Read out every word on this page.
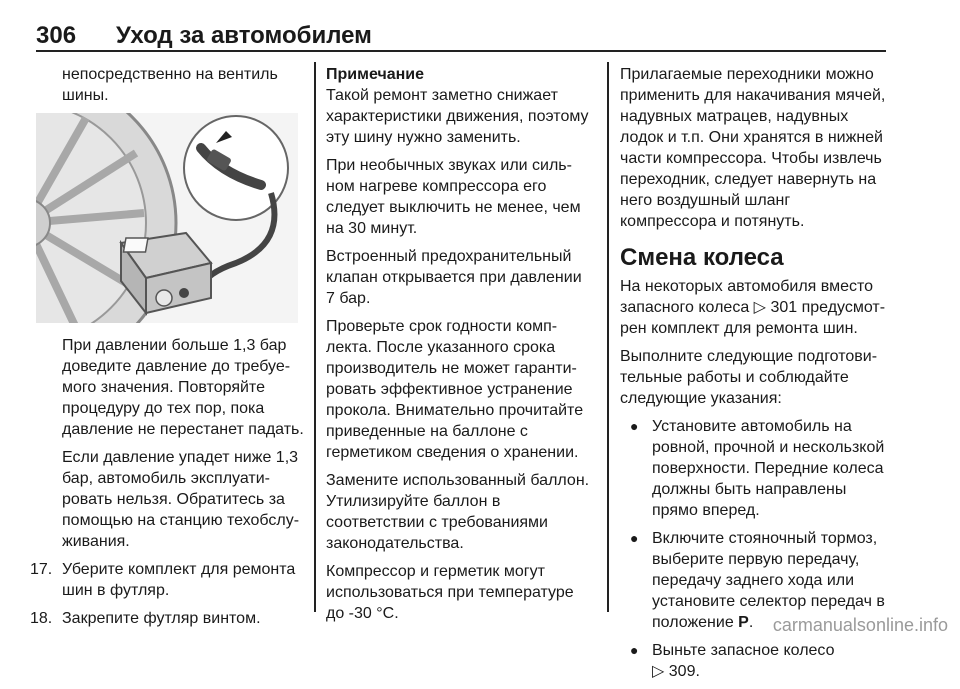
306 Уход за автомобилем

непосредственно на вентиль шины.

При давлении больше 1,3 бар доведите давление до требуемого значения. Повторяйте процедуру до тех пор, пока давление не перестанет падать.

Если давление упадет ниже 1,3 бар, автомобиль эксплуатировать нельзя. Обратитесь за помощью на станцию техобслуживания.

17. Уберите комплект для ремонта шин в футляр.
18. Закрепите футляр винтом.

Примечание
Такой ремонт заметно снижает характеристики движения, поэтому эту шину нужно заменить.

При необычных звуках или сильном нагреве компрессора его следует выключить не менее, чем на 30 минут.

Встроенный предохранительный клапан открывается при давлении 7 бар.

Проверьте срок годности комплекта. После указанного срока производитель не может гарантировать эффективное устранение прокола. Внимательно прочитайте приведенные на баллоне с герметиком сведения о хранении.

Замените использованный баллон. Утилизируйте баллон в соответствии с требованиями законодательства.

Компрессор и герметик могут использоваться при температуре до -30 °C.

Прилагаемые переходники можно применить для накачивания мячей, надувных матрацев, надувных лодок и т.п. Они хранятся в нижней части компрессора. Чтобы извлечь переходник, следует навернуть на него воздушный шланг компрессора и потянуть.

Смена колеса

На некоторых автомобиля вместо запасного колеса ▷ 301 предусмотрен комплект для ремонта шин.

Выполните следующие подготовительные работы и соблюдайте следующие указания:

● Установите автомобиль на ровной, прочной и нескользкой поверхности. Передние колеса должны быть направлены прямо вперед.
● Включите стояночный тормоз, выберите первую передачу, передачу заднего хода или установите селектор передач в положение P.
● Выньте запасное колесо
▷ 309.
carmanualsonline.info
